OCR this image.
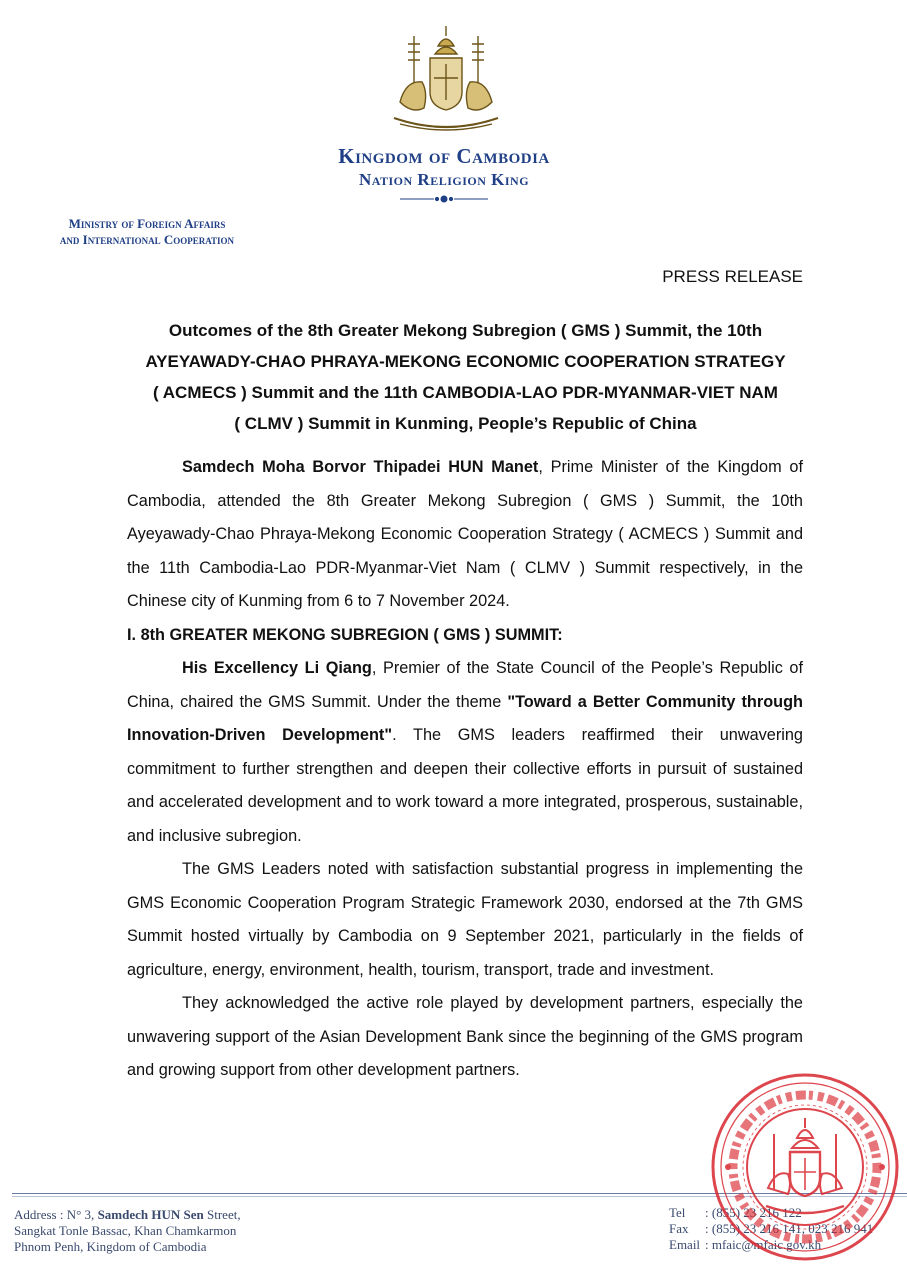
Kingdom of Cambodia
Nation Religion King
Ministry of Foreign Affairs
and International Cooperation
PRESS RELEASE
Outcomes of the 8th Greater Mekong Subregion ( GMS ) Summit, the 10th
AYEYAWADY-CHAO PHRAYA-MEKONG ECONOMIC COOPERATION STRATEGY
( ACMECS ) Summit and the 11th CAMBODIA-LAO PDR-MYANMAR-VIET NAM
( CLMV ) Summit in Kunming, People’s Republic of China

Samdech Moha Borvor Thipadei HUN Manet, Prime Minister of the Kingdom of Cambodia, attended the 8th Greater Mekong Subregion ( GMS ) Summit, the 10th Ayeyawady-Chao Phraya-Mekong Economic Cooperation Strategy ( ACMECS ) Summit and the 11th Cambodia-Lao PDR-Myanmar-Viet Nam ( CLMV ) Summit respectively, in the Chinese city of Kunming from 6 to 7 November 2024.

I. 8th GREATER MEKONG SUBREGION ( GMS ) SUMMIT:

His Excellency Li Qiang, Premier of the State Council of the People’s Republic of China, chaired the GMS Summit. Under the theme "Toward a Better Community through Innovation-Driven Development". The GMS leaders reaffirmed their unwavering commitment to further strengthen and deepen their collective efforts in pursuit of sustained and accelerated development and to work toward a more integrated, prosperous, sustainable, and inclusive subregion.

The GMS Leaders noted with satisfaction substantial progress in implementing the GMS Economic Cooperation Program Strategic Framework 2030, endorsed at the 7th GMS Summit hosted virtually by Cambodia on 9 September 2021, particularly in the fields of agriculture, energy, environment, health, tourism, transport, trade and investment.

They acknowledged the active role played by development partners, especially the unwavering support of the Asian Development Bank since the beginning of the GMS program and growing support from other development partners.

Address : N° 3, Samdech HUN Sen Street,
Sangkat Tonle Bassac, Khan Chamkarmon
Phnom Penh, Kingdom of Cambodia
Tel : (855) 23 216 122
Fax : (855) 23 216 141, 023 216 941
Email : mfaic@mfaic.gov.kh
